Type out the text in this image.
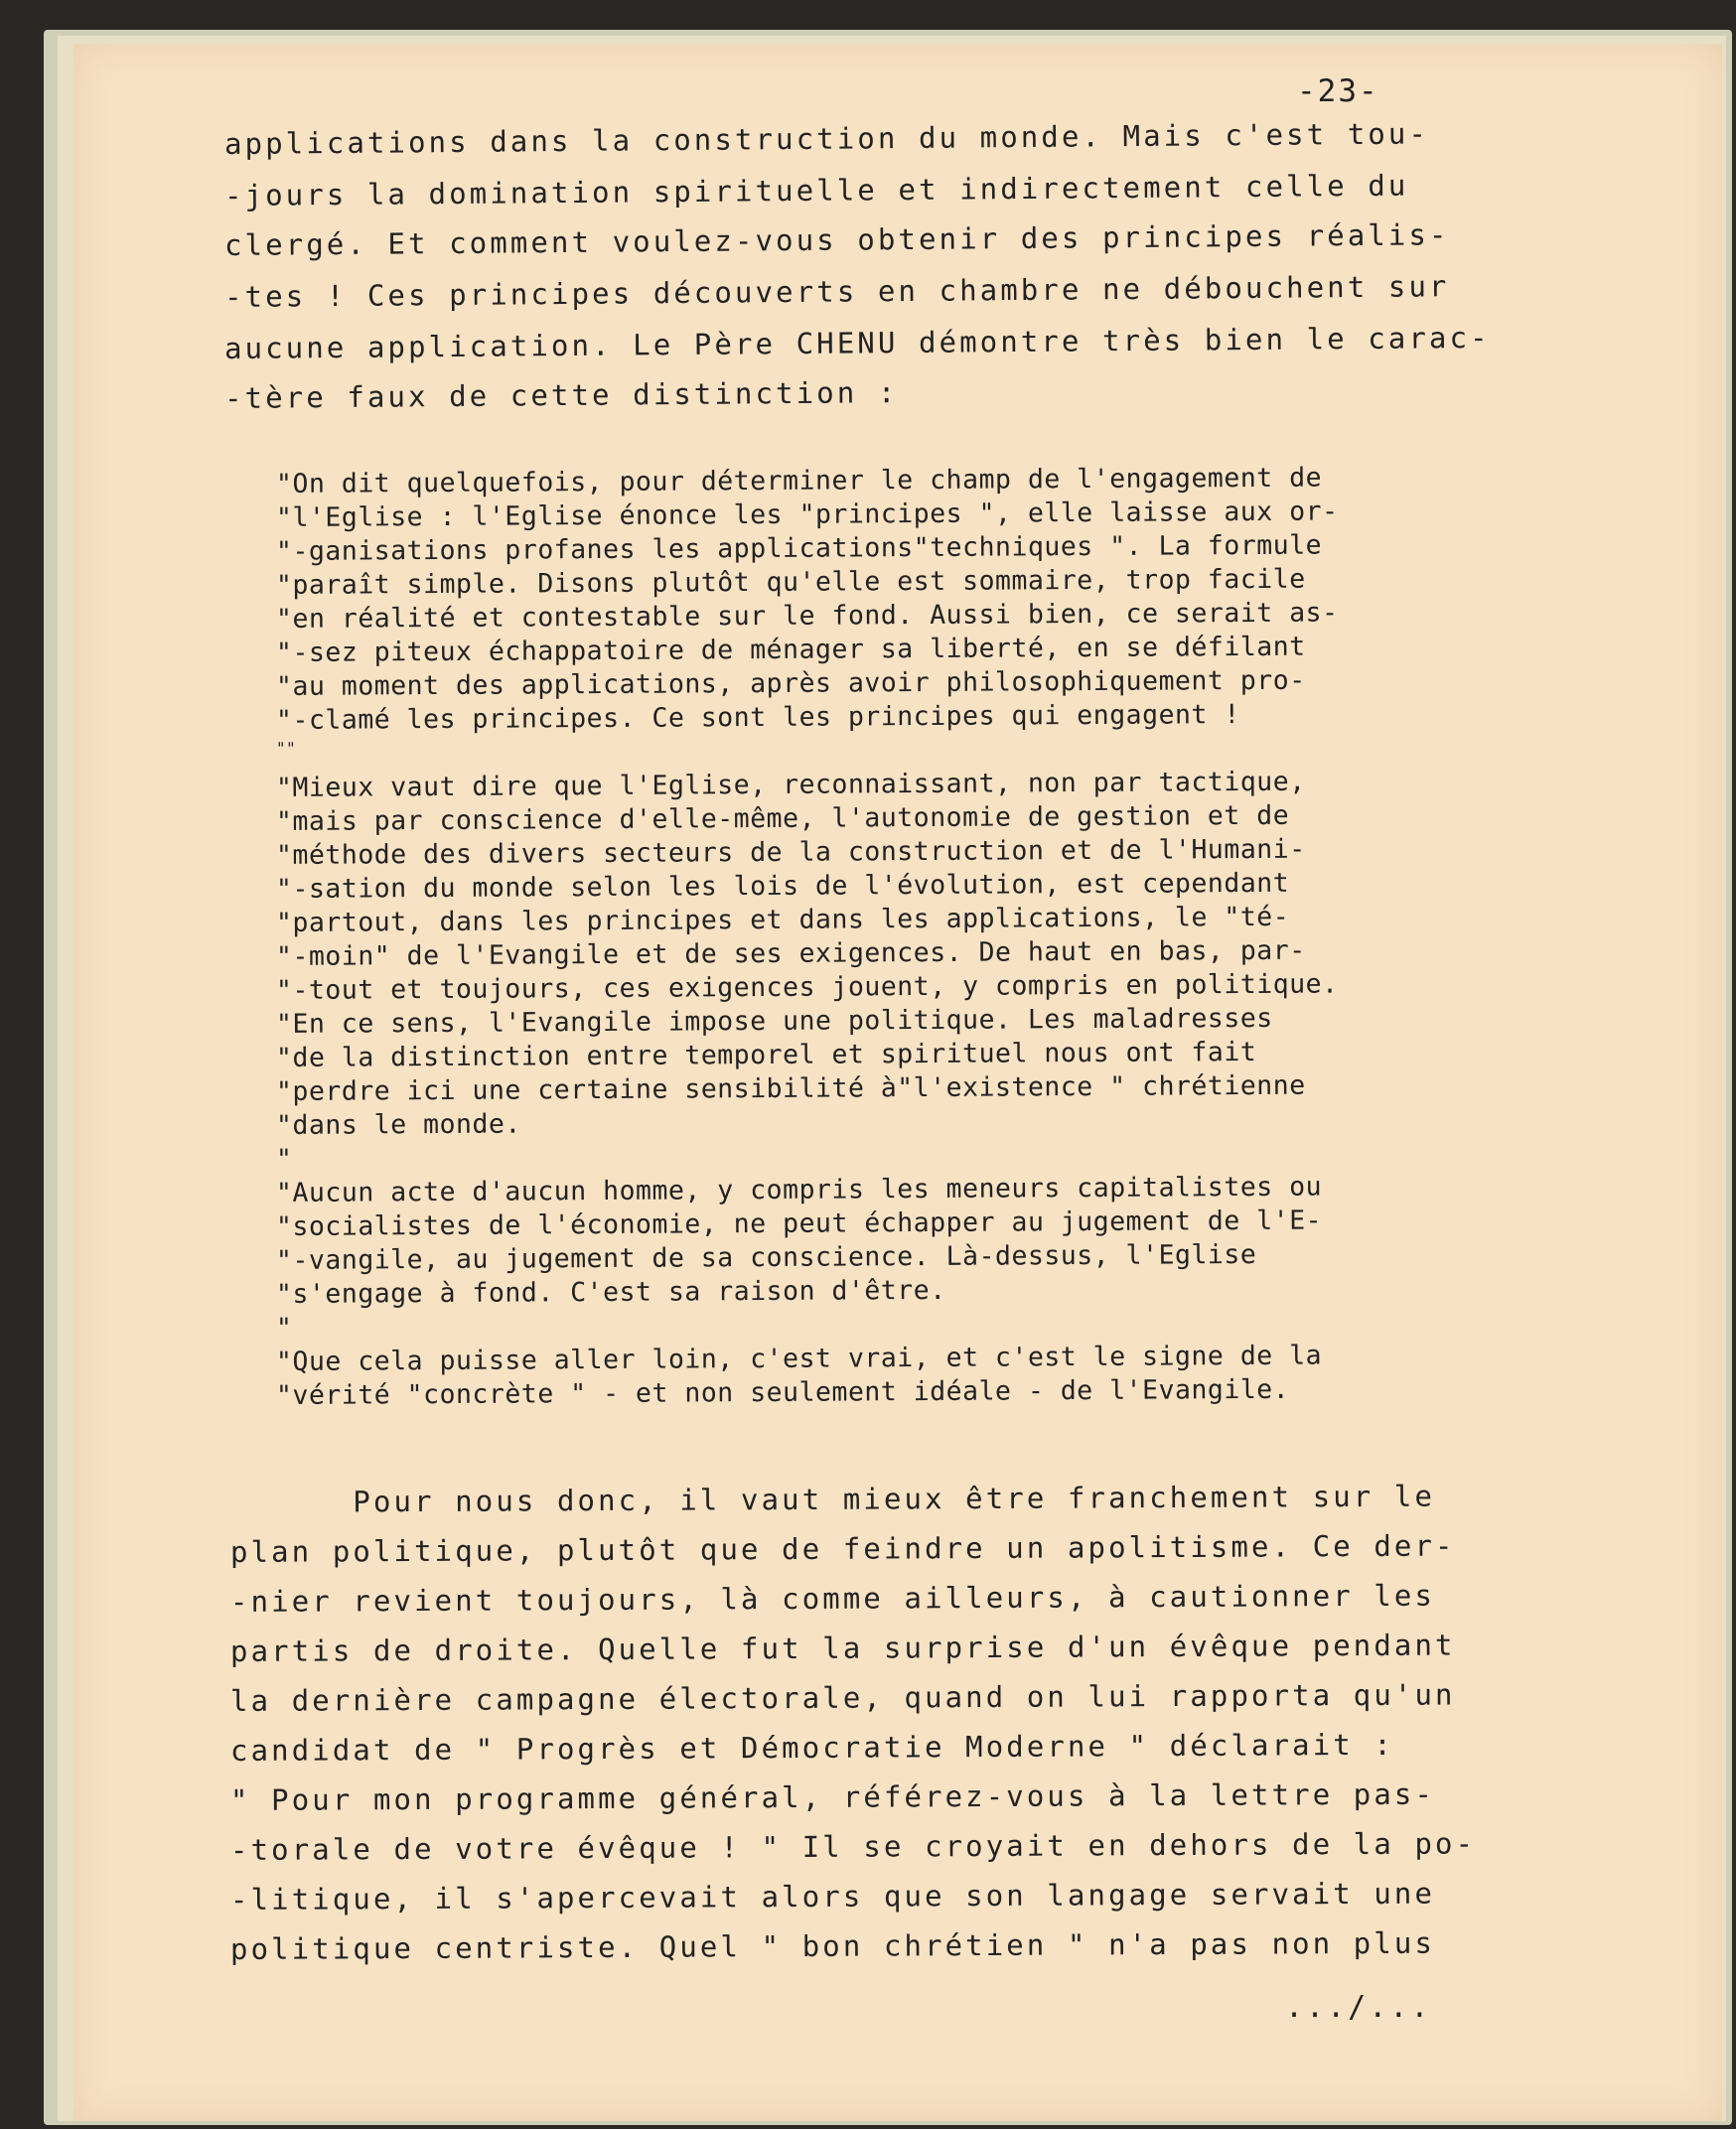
-23-
applications dans la construction du monde. Mais c'est tou-
-jours la domination spirituelle et indirectement celle du
clergé. Et comment voulez-vous obtenir des principes réalis-
-tes ! Ces principes découverts en chambre ne débouchent sur
aucune application. Le Père CHENU démontre très bien le carac-
-tère faux de cette distinction :
"On dit quelquefois, pour déterminer le champ de l'engagement de
"l'Eglise : l'Eglise énonce les "principes ", elle laisse aux or-
"-ganisations profanes les applications"techniques ". La formule
"paraît simple. Disons plutôt qu'elle est sommaire, trop facile
"en réalité et contestable sur le fond. Aussi bien, ce serait as-
"-sez piteux échappatoire de ménager sa liberté, en se défilant
"au moment des applications, après avoir philosophiquement pro-
"-clamé les principes. Ce sont les principes qui engagent !
""
"Mieux vaut dire que l'Eglise, reconnaissant, non par tactique,
"mais par conscience d'elle-même, l'autonomie de gestion et de
"méthode des divers secteurs de la construction et de l'Humani-
"-sation du monde selon les lois de l'évolution, est cependant
"partout, dans les principes et dans les applications, le "té-
"-moin" de l'Evangile et de ses exigences. De haut en bas, par-
"-tout et toujours, ces exigences jouent, y compris en politique.
"En ce sens, l'Evangile impose une politique. Les maladresses
"de la distinction entre temporel et spirituel nous ont fait
"perdre ici une certaine sensibilité à"l'existence " chrétienne
"dans le monde.
"
"Aucun acte d'aucun homme, y compris les meneurs capitalistes ou
"socialistes de l'économie, ne peut échapper au jugement de l'E-
"-vangile, au jugement de sa conscience. Là-dessus, l'Eglise
"s'engage à fond. C'est sa raison d'être.
"
"Que cela puisse aller loin, c'est vrai, et c'est le signe de la
"vérité "concrète " - et non seulement idéale - de l'Evangile.
Pour nous donc, il vaut mieux être franchement sur le
plan politique, plutôt que de feindre un apolitisme. Ce der-
-nier revient toujours, là comme ailleurs, à cautionner les
partis de droite. Quelle fut la surprise d'un évêque pendant
la dernière campagne électorale, quand on lui rapporta qu'un
candidat de " Progrès et Démocratie Moderne " déclarait :
" Pour mon programme général, référez-vous à la lettre pas-
-torale de votre évêque ! " Il se croyait en dehors de la po-
-litique, il s'apercevait alors que son langage servait une
politique centriste. Quel " bon chrétien " n'a pas non plus
.../...
